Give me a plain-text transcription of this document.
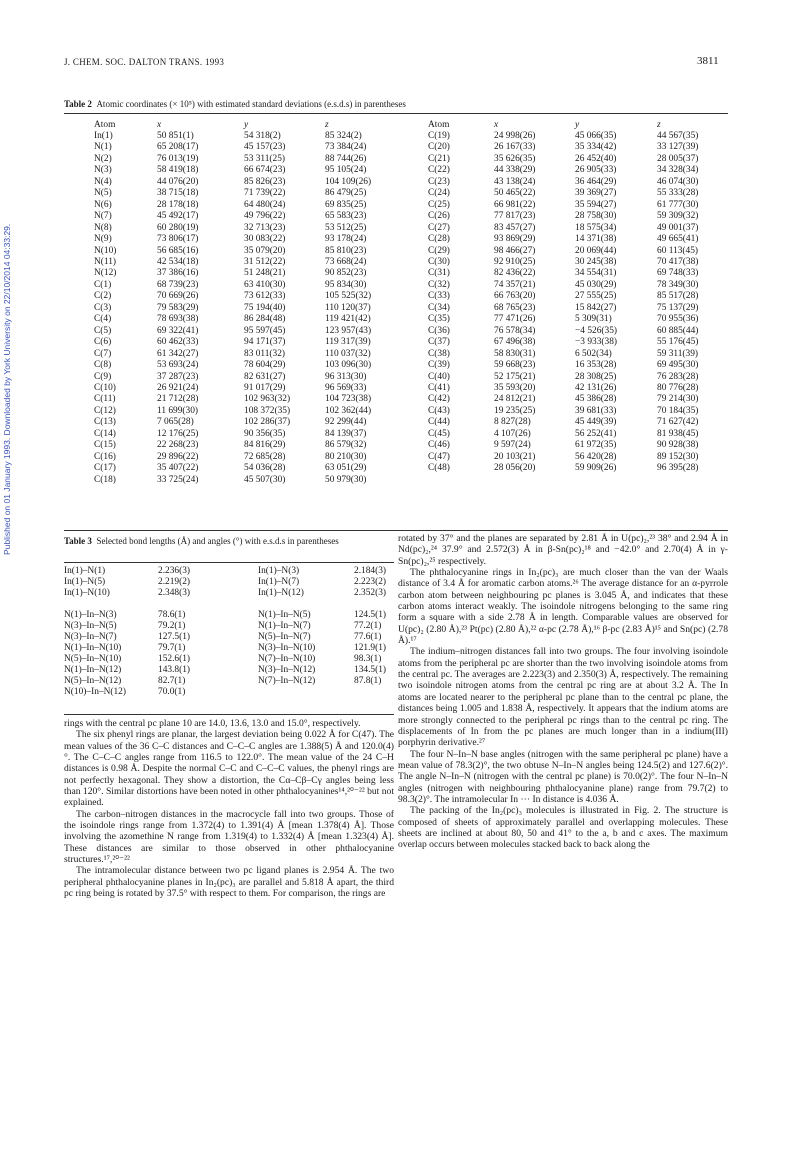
J. CHEM. SOC. DALTON TRANS. 1993	3811
Published on 01 January 1993. Downloaded by York University on 22/10/2014 04:33:29.
Table 2 Atomic coordinates (× 10⁵) with estimated standard deviations (e.s.d.s) in parentheses
Atom	x	y	z
In(1)	50 851(1)	54 318(2)	85 324(2)
N(1)	65 208(17)	45 157(23)	73 384(24)
N(2)	76 013(19)	53 311(25)	88 744(26)
N(3)	58 419(18)	66 674(23)	95 105(24)
N(4)	44 076(20)	85 826(23)	104 109(26)
N(5)	38 715(18)	71 739(22)	86 479(25)
N(6)	28 178(18)	64 480(24)	69 835(25)
N(7)	45 492(17)	49 796(22)	65 583(23)
N(8)	60 280(19)	32 713(23)	53 512(25)
N(9)	73 806(17)	30 083(22)	93 178(24)
N(10)	56 685(16)	35 079(20)	85 810(23)
N(11)	42 534(18)	31 512(22)	73 668(24)
N(12)	37 386(16)	51 248(21)	90 852(23)
C(1)	68 739(23)	63 410(30)	95 834(30)
C(2)	70 669(26)	73 612(33)	105 525(32)
C(3)	79 583(29)	75 194(40)	110 120(37)
C(4)	78 693(38)	86 284(48)	119 421(42)
C(5)	69 322(41)	95 597(45)	123 957(43)
C(6)	60 462(33)	94 171(37)	119 317(39)
C(7)	61 342(27)	83 011(32)	110 037(32)
C(8)	53 693(24)	78 604(29)	103 096(30)
C(9)	37 287(23)	82 631(27)	96 313(30)
C(10)	26 921(24)	91 017(29)	96 569(33)
C(11)	21 712(28)	102 963(32)	104 723(38)
C(12)	11 699(30)	108 372(35)	102 362(44)
C(13)	7 065(28)	102 286(37)	92 299(44)
C(14)	12 176(25)	90 356(35)	84 139(37)
C(15)	22 268(23)	84 816(29)	86 579(32)
C(16)	29 896(22)	72 685(28)	80 210(30)
C(17)	35 407(22)	54 036(28)	63 051(29)
C(18)	33 725(24)	45 507(30)	50 979(30)
Atom	x	y	z
C(19)	24 998(26)	45 066(35)	44 567(35)
C(20)	26 167(33)	35 334(42)	33 127(39)
C(21)	35 626(35)	26 452(40)	28 005(37)
C(22)	44 338(29)	26 905(33)	34 328(34)
C(23)	43 138(24)	36 464(29)	46 074(30)
C(24)	50 465(22)	39 369(27)	55 333(28)
C(25)	66 981(22)	35 594(27)	61 777(30)
C(26)	77 817(23)	28 758(30)	59 309(32)
C(27)	83 457(27)	18 575(34)	49 001(37)
C(28)	93 869(29)	14 371(38)	49 665(41)
C(29)	98 466(27)	20 069(44)	60 113(45)
C(30)	92 910(25)	30 245(38)	70 417(38)
C(31)	82 436(22)	34 554(31)	69 748(33)
C(32)	74 357(21)	45 030(29)	78 349(30)
C(33)	66 763(20)	27 555(25)	85 517(28)
C(34)	68 765(23)	15 842(27)	75 137(29)
C(35)	77 471(26)	5 309(31)	70 955(36)
C(36)	76 578(34)	−4 526(35)	60 885(44)
C(37)	67 496(38)	−3 933(38)	55 176(45)
C(38)	58 830(31)	6 502(34)	59 311(39)
C(39)	59 668(23)	16 353(28)	69 495(30)
C(40)	52 175(21)	28 308(25)	76 283(28)
C(41)	35 593(20)	42 131(26)	80 776(28)
C(42)	24 812(21)	45 386(28)	79 214(30)
C(43)	19 235(25)	39 681(33)	70 184(35)
C(44)	8 827(28)	45 449(39)	71 627(42)
C(45)	4 107(26)	56 252(41)	81 938(45)
C(46)	9 597(24)	61 972(35)	90 928(38)
C(47)	20 103(21)	56 420(28)	89 152(30)
C(48)	28 056(20)	59 909(26)	96 395(28)
Table 3 Selected bond lengths (Å) and angles (°) with e.s.d.s in parentheses
In(1)–N(1)	2.236(3)	In(1)–N(3)	2.184(3)
In(1)–N(5)	2.219(2)	In(1)–N(7)	2.223(2)
In(1)–N(10)	2.348(3)	In(1)–N(12)	2.352(3)

N(1)–In–N(3)	78.6(1)	N(1)–In–N(5)	124.5(1)
N(3)–In–N(5)	79.2(1)	N(1)–In–N(7)	77.2(1)
N(3)–In–N(7)	127.5(1)	N(5)–In–N(7)	77.6(1)
N(1)–In–N(10)	79.7(1)	N(3)–In–N(10)	121.9(1)
N(5)–In–N(10)	152.6(1)	N(7)–In–N(10)	98.3(1)
N(1)–In–N(12)	143.8(1)	N(3)–In–N(12)	134.5(1)
N(5)–In–N(12)	82.7(1)	N(7)–In–N(12)	87.8(1)
N(10)–In–N(12)	70.0(1)		

rings with the central pc plane 10 are 14.0, 13.6, 13.0 and 15.0°, respectively.

The six phenyl rings are planar, the largest deviation being 0.022 Å for C(47). The mean values of the 36 C–C distances and C–C–C angles are 1.388(5) Å and 120.0(4)°. The C–C–C angles range from 116.5 to 122.0°. The mean value of the 24 C–H distances is 0.98 Å. Despite the normal C–C and C–C–C values, the phenyl rings are not perfectly hexagonal. They show a distortion, the Cα–Cβ–Cγ angles being less than 120°. Similar distortions have been noted in other phthalocyanines¹⁴,²⁰⁻²² but not explained.

The carbon–nitrogen distances in the macrocycle fall into two groups. Those of the isoindole rings range from 1.372(4) to 1.391(4) Å [mean 1.378(4) Å]. Those involving the azomethine N range from 1.319(4) to 1.332(4) Å [mean 1.323(4) Å]. These distances are similar to those observed in other phthalocyanine structures.¹⁷,²⁰⁻²²

The intramolecular distance between two pc ligand planes is 2.954 Å. The two peripheral phthalocyanine planes in In₂(pc)₃ are parallel and 5.818 Å apart, the third pc ring being is rotated by 37.5° with respect to them. For comparison, the rings are

rotated by 37° and the planes are separated by 2.81 Å in U(pc)₂,²³ 38° and 2.94 Å in Nd(pc)₂,²⁴ 37.9° and 2.572(3) Å in β-Sn(pc)₂¹⁸ and −42.0° and 2.70(4) Å in γ-Sn(pc)₂,²⁵ respectively.

The phthalocyanine rings in In₂(pc)₃ are much closer than the van der Waals distance of 3.4 Å for aromatic carbon atoms.²⁶ The average distance for an α-pyrrole carbon atom between neighbouring pc planes is 3.045 Å, and indicates that these carbon atoms interact weakly. The isoindole nitrogens belonging to the same ring form a square with a side 2.78 Å in length. Comparable values are observed for U(pc)₂ (2.80 Å),²³ Pt(pc) (2.80 Å),²² α-pc (2.78 Å),¹⁶ β-pc (2.83 Å)¹⁵ and Sn(pc) (2.78 Å).¹⁷

The indium–nitrogen distances fall into two groups. The four involving isoindole atoms from the peripheral pc are shorter than the two involving isoindole atoms from the central pc. The averages are 2.223(3) and 2.350(3) Å, respectively. The remaining two isoindole nitrogen atoms from the central pc ring are at about 3.2 Å. The In atoms are located nearer to the peripheral pc plane than to the central pc plane, the distances being 1.005 and 1.838 Å, respectively. It appears that the indium atoms are more strongly connected to the peripheral pc rings than to the central pc ring. The displacements of In from the pc planes are much longer than in a indium(III) porphyrin derivative.²⁷

The four N–In–N base angles (nitrogen with the same peripheral pc plane) have a mean value of 78.3(2)°, the two obtuse N–In–N angles being 124.5(2) and 127.6(2)°. The angle N–In–N (nitrogen with the central pc plane) is 70.0(2)°. The four N–In–N angles (nitrogen with neighbouring phthalocyanine plane) range from 79.7(2) to 98.3(2)°. The intramolecular In ⋯ In distance is 4.036 Å.

The packing of the In₂(pc)₃ molecules is illustrated in Fig. 2. The structure is composed of sheets of approximately parallel and overlapping molecules. These sheets are inclined at about 80, 50 and 41° to the a, b and c axes. The maximum overlap occurs between molecules stacked back to back along the
